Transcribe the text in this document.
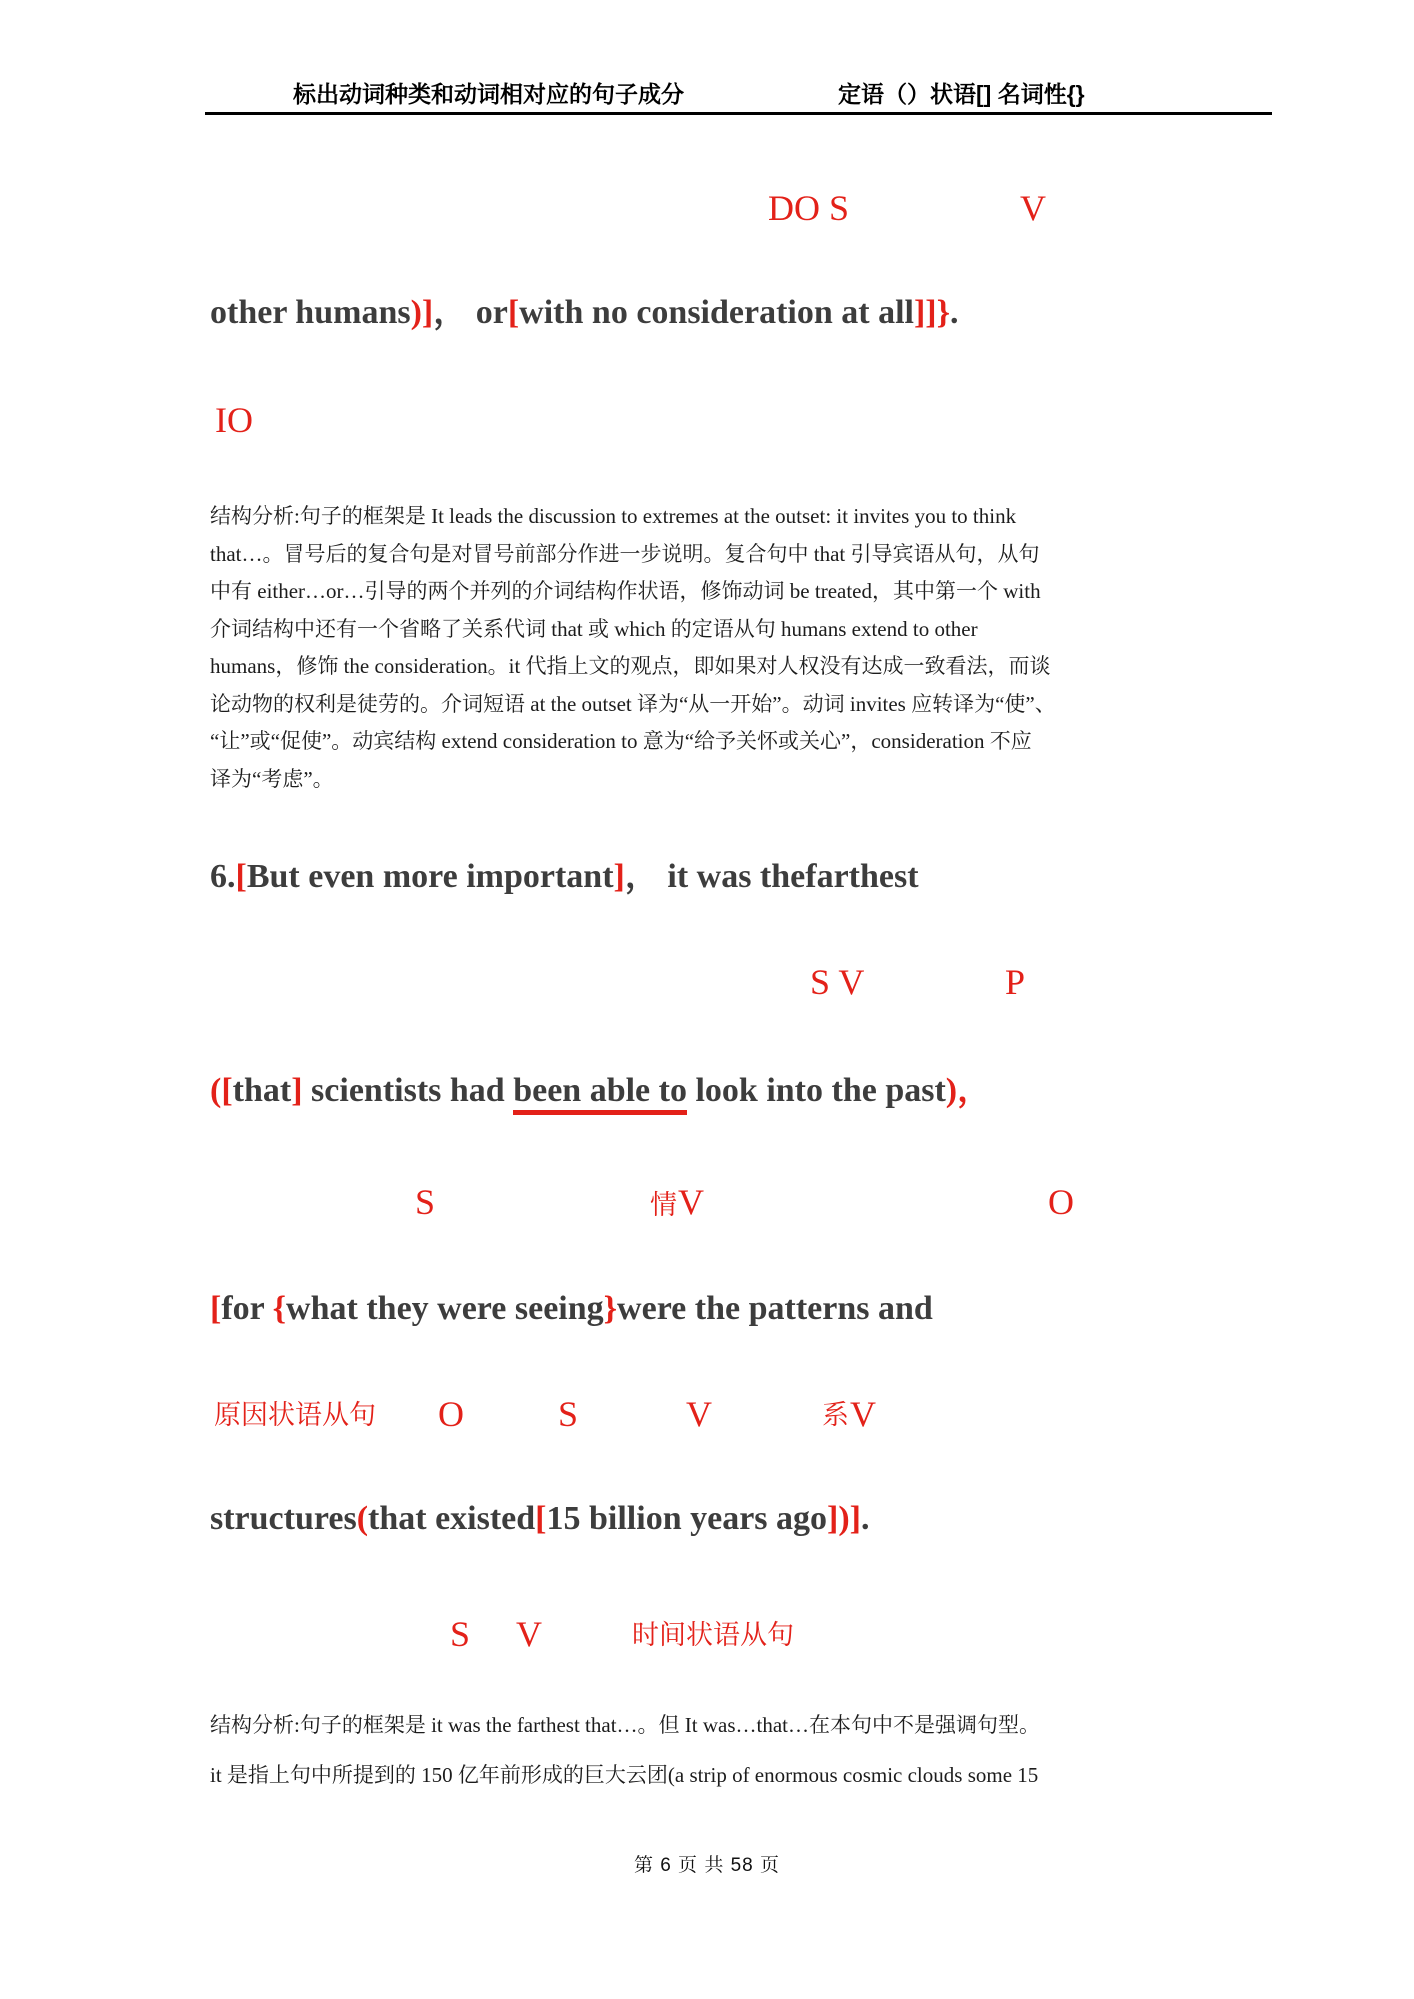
标出动词种类和动词相对应的句子成分	定语（）状语[] 名词性{}
DO S	V
other humans)]， or[with no consideration at all]]}.
IO
结构分析:句子的框架是 It leads the discussion to extremes at the outset: it invites you to think
that…。冒号后的复合句是对冒号前部分作进一步说明。复合句中 that 引导宾语从句，从句
中有 either…or…引导的两个并列的介词结构作状语，修饰动词 be treated，其中第一个 with
介词结构中还有一个省略了关系代词 that 或 which 的定语从句 humans extend to other
humans，修饰 the consideration。it 代指上文的观点，即如果对人权没有达成一致看法，而谈
论动物的权利是徒劳的。介词短语 at the outset 译为“从一开始”。动词 invites 应转译为“使”、
“让”或“促使”。动宾结构 extend consideration to 意为“给予关怀或关心”，consideration 不应
译为“考虑”。
6.[But even more important]， it was thefarthest
S V	P
([that] scientists had been able to look into the past)，
S	情 V	O
[for {what they were seeing}were the patterns and
原因状语从句 O	S	V	系 V
structures(that existed[15 billion years ago])].
S V	时间状语从句
结构分析:句子的框架是 it was the farthest that…。但 It was…that…在本句中不是强调句型。
it 是指上句中所提到的 150 亿年前形成的巨大云团(a strip of enormous cosmic clouds some 15
第 6 页 共 58 页
